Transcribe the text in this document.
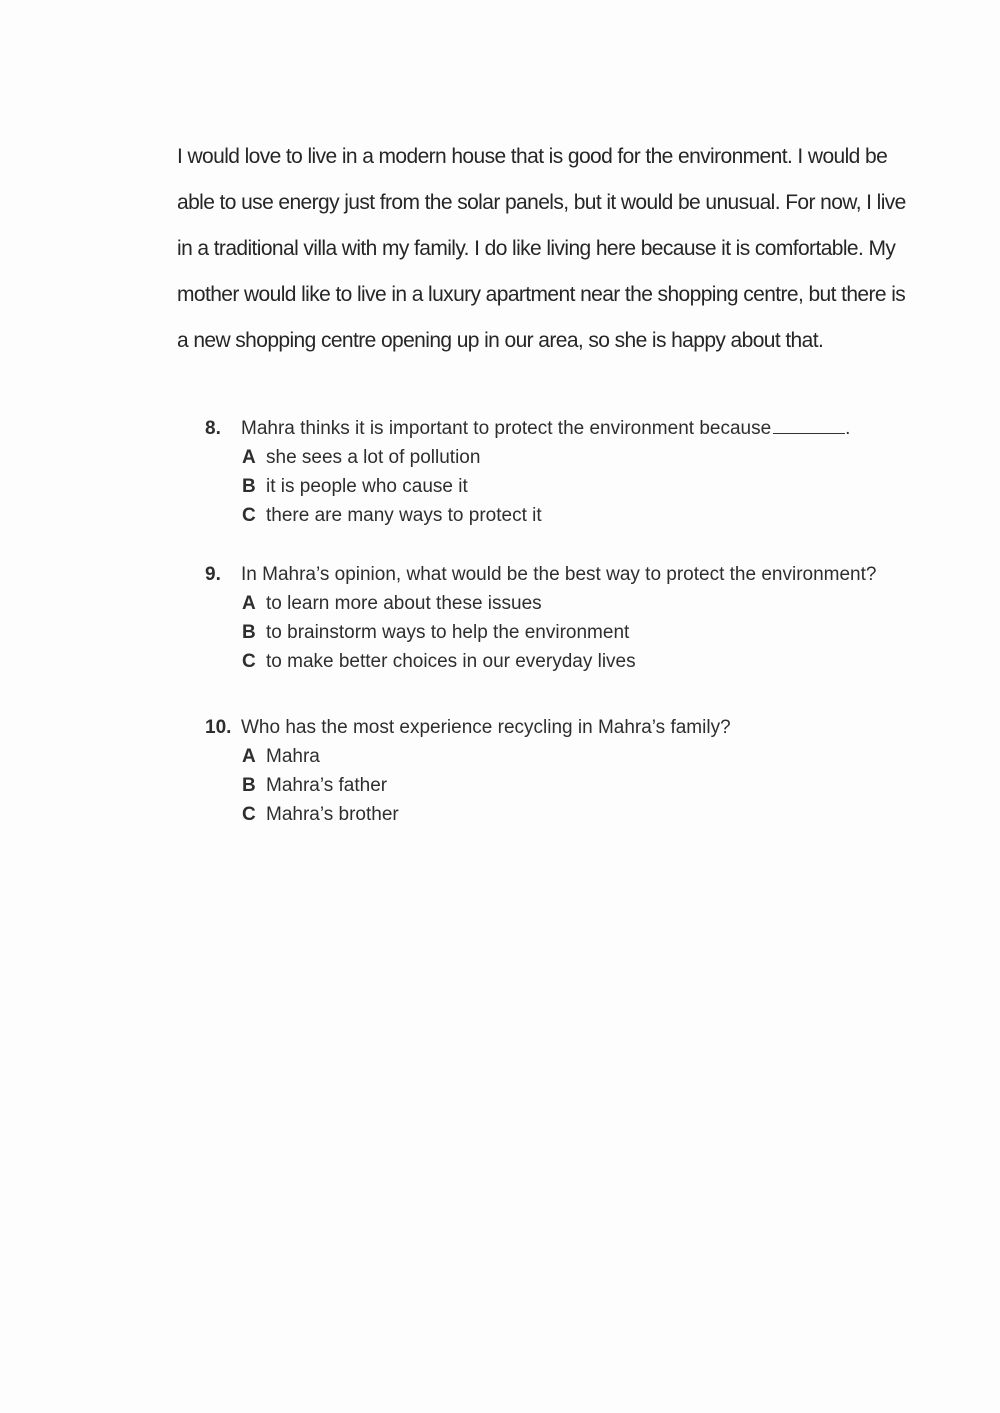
I would love to live in a modern house that is good for the environment. I would be
able to use energy just from the solar panels, but it would be unusual. For now, I live
in a traditional villa with my family. I do like living here because it is comfortable. My
mother would like to live in a luxury apartment near the shopping centre, but there is
a new shopping centre opening up in our area, so she is happy about that.
8. Mahra thinks it is important to protect the environment because	.
A she sees a lot of pollution
B it is people who cause it
C there are many ways to protect it
9. In Mahra’s opinion, what would be the best way to protect the environment?
A to learn more about these issues
B to brainstorm ways to help the environment
C to make better choices in our everyday lives
10. Who has the most experience recycling in Mahra’s family?
A Mahra
B Mahra’s father
C Mahra’s brother
